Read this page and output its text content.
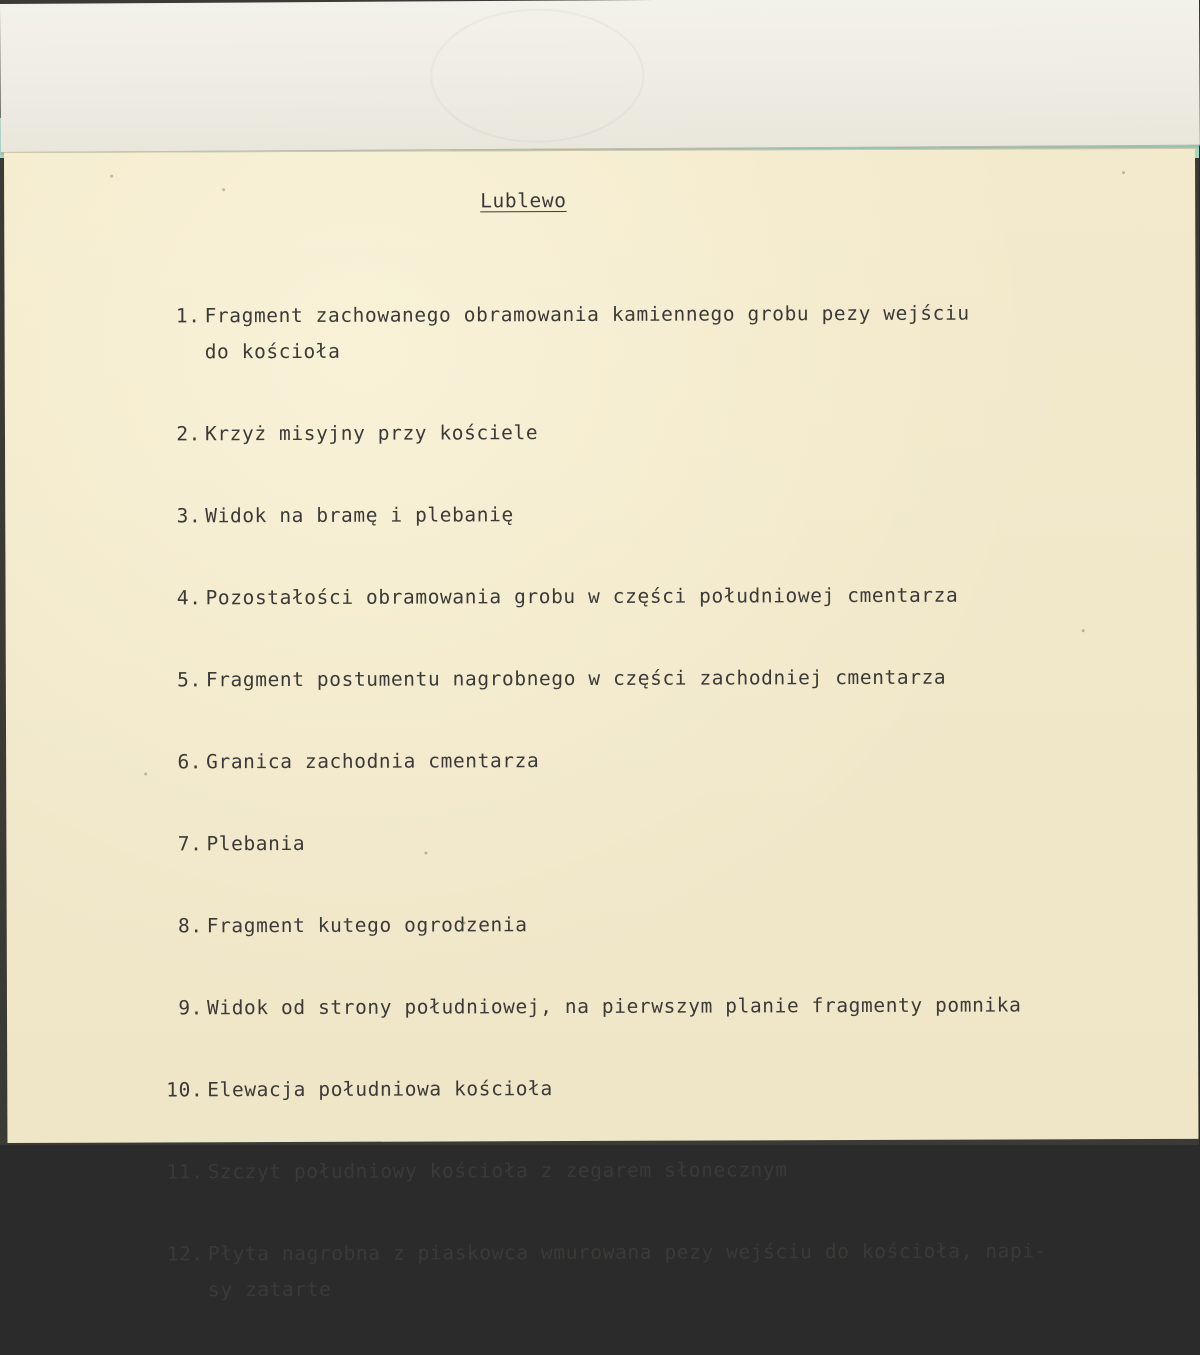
Lublewo

1. Fragment zachowanego obramowania kamiennego grobu pezy wejściu
do kościoła

2. Krzyż misyjny przy kościele

3. Widok na bramę i plebanię

4. Pozostałości obramowania grobu w części południowej cmentarza

5. Fragment postumentu nagrobnego w części zachodniej cmentarza

6. Granica zachodnia cmentarza

7. Plebania

8. Fragment kutego ogrodzenia

9. Widok od strony południowej, na pierwszym planie fragmenty pomnika

10. Elewacja południowa kościoła

11. Szczyt południowy kościoła z zegarem słonecznym

12. Płyta nagrobna z piaskowca wmurowana pezy wejściu do kościoła, napi-
sy zatarte
